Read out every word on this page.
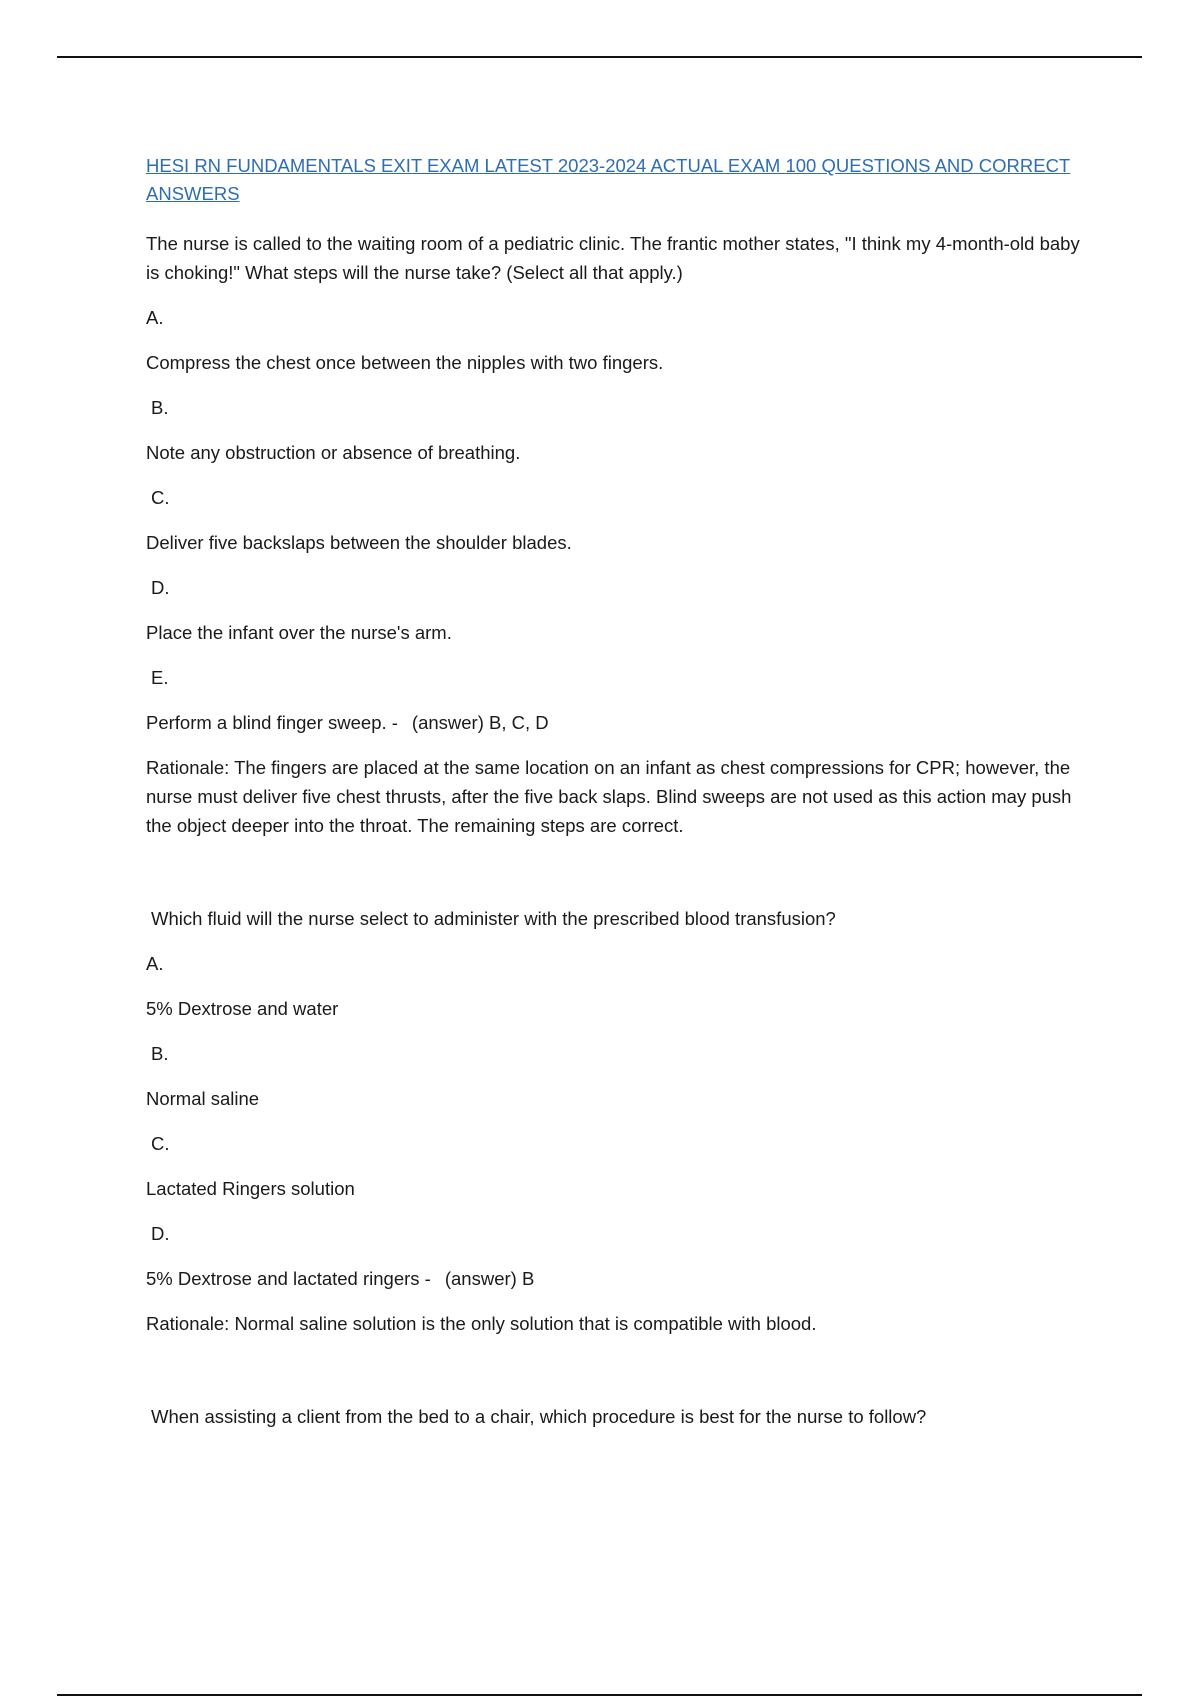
HESI RN FUNDAMENTALS EXIT EXAM LATEST 2023-2024 ACTUAL EXAM 100 QUESTIONS AND CORRECT ANSWERS

The nurse is called to the waiting room of a pediatric clinic. The frantic mother states, "I think my 4-month-old baby is choking!" What steps will the nurse take? (Select all that apply.)

A.

Compress the chest once between the nipples with two fingers.

B.

Note any obstruction or absence of breathing.

C.

Deliver five backslaps between the shoulder blades.

D.

Place the infant over the nurse's arm.

E.

Perform a blind finger sweep. - (answer) B, C, D

Rationale: The fingers are placed at the same location on an infant as chest compressions for CPR; however, the nurse must deliver five chest thrusts, after the five back slaps. Blind sweeps are not used as this action may push the object deeper into the throat. The remaining steps are correct.

Which fluid will the nurse select to administer with the prescribed blood transfusion?

A.

5% Dextrose and water

B.

Normal saline

C.

Lactated Ringers solution

D.

5% Dextrose and lactated ringers - (answer) B

Rationale: Normal saline solution is the only solution that is compatible with blood.

When assisting a client from the bed to a chair, which procedure is best for the nurse to follow?
